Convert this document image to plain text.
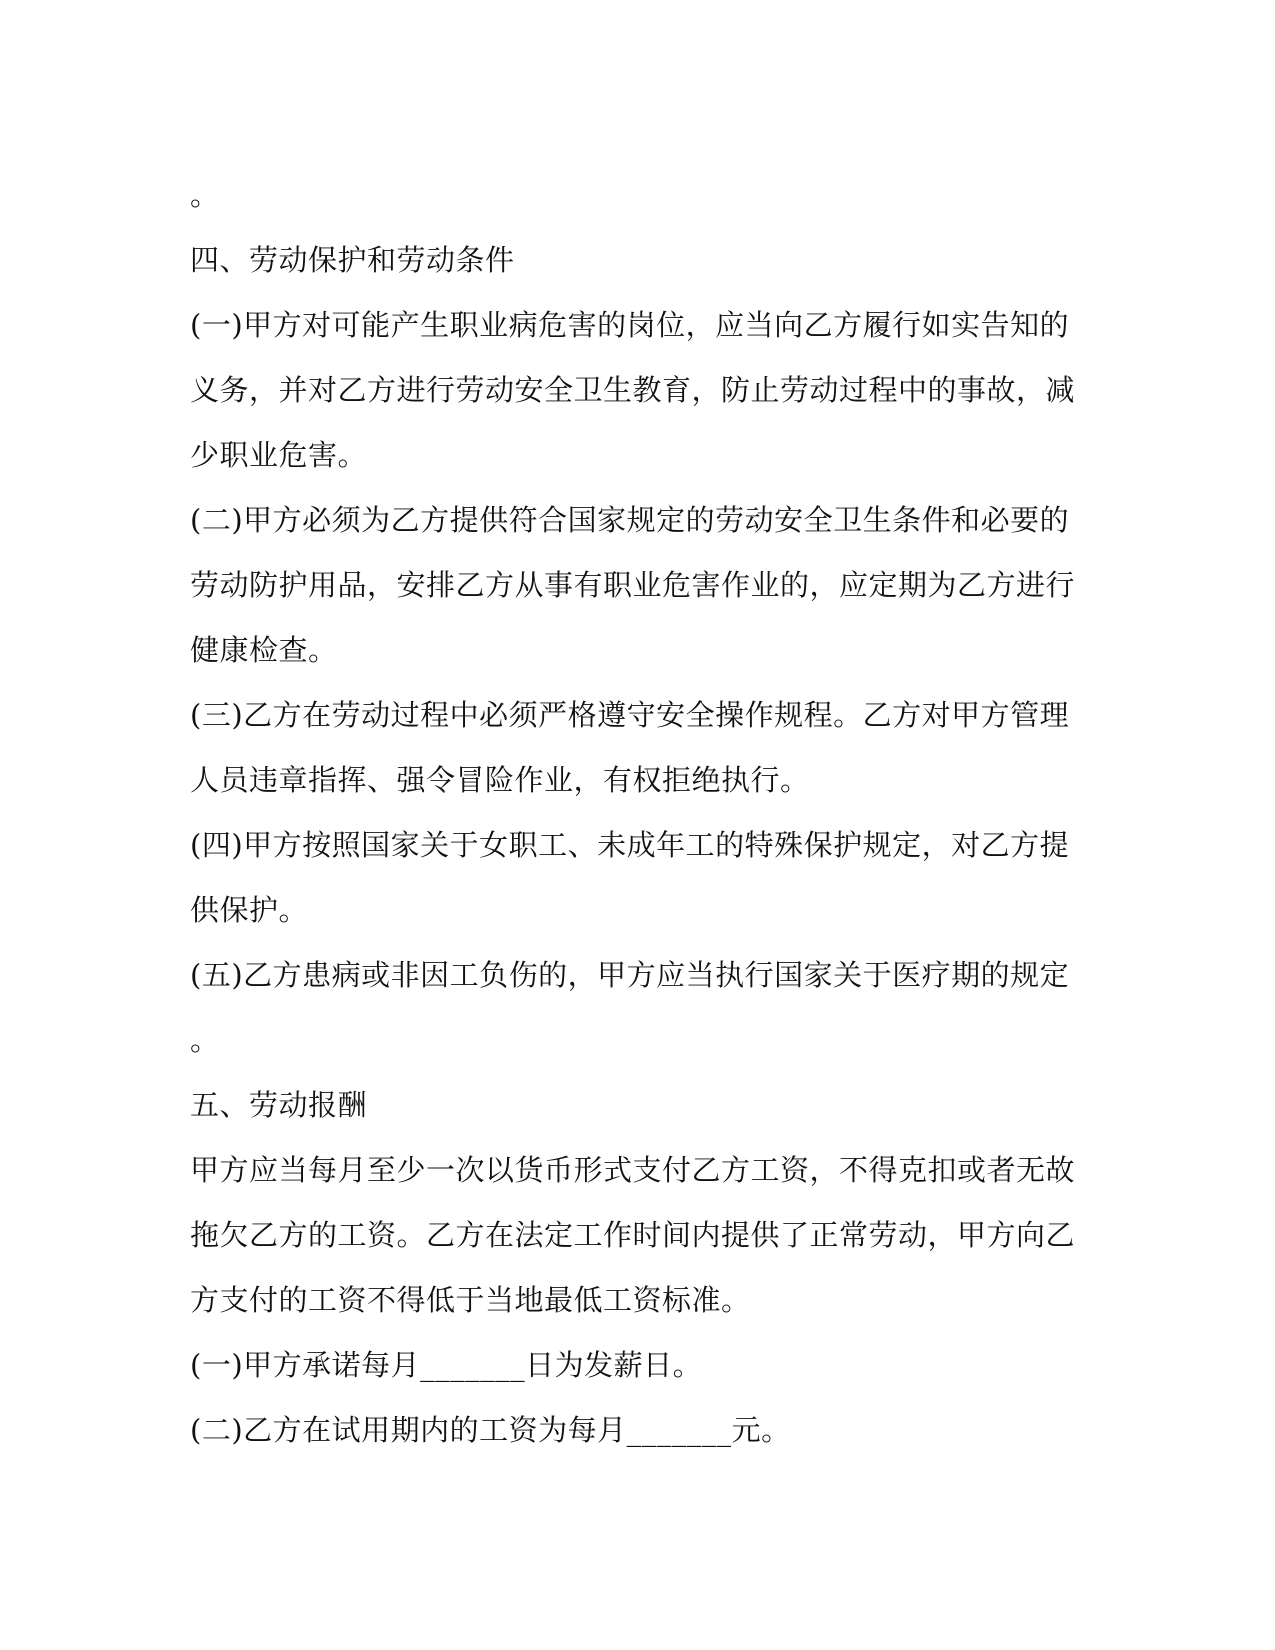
。
四、劳动保护和劳动条件
(一)甲方对可能产生职业病危害的岗位，应当向乙方履行如实告知的
义务，并对乙方进行劳动安全卫生教育，防止劳动过程中的事故，减
少职业危害。
(二)甲方必须为乙方提供符合国家规定的劳动安全卫生条件和必要的
劳动防护用品，安排乙方从事有职业危害作业的，应定期为乙方进行
健康检查。
(三)乙方在劳动过程中必须严格遵守安全操作规程。乙方对甲方管理
人员违章指挥、强令冒险作业，有权拒绝执行。
(四)甲方按照国家关于女职工、未成年工的特殊保护规定，对乙方提
供保护。
(五)乙方患病或非因工负伤的，甲方应当执行国家关于医疗期的规定
。
五、劳动报酬
甲方应当每月至少一次以货币形式支付乙方工资，不得克扣或者无故
拖欠乙方的工资。乙方在法定工作时间内提供了正常劳动，甲方向乙
方支付的工资不得低于当地最低工资标准。
(一)甲方承诺每月_______日为发薪日。
(二)乙方在试用期内的工资为每月_______元。
